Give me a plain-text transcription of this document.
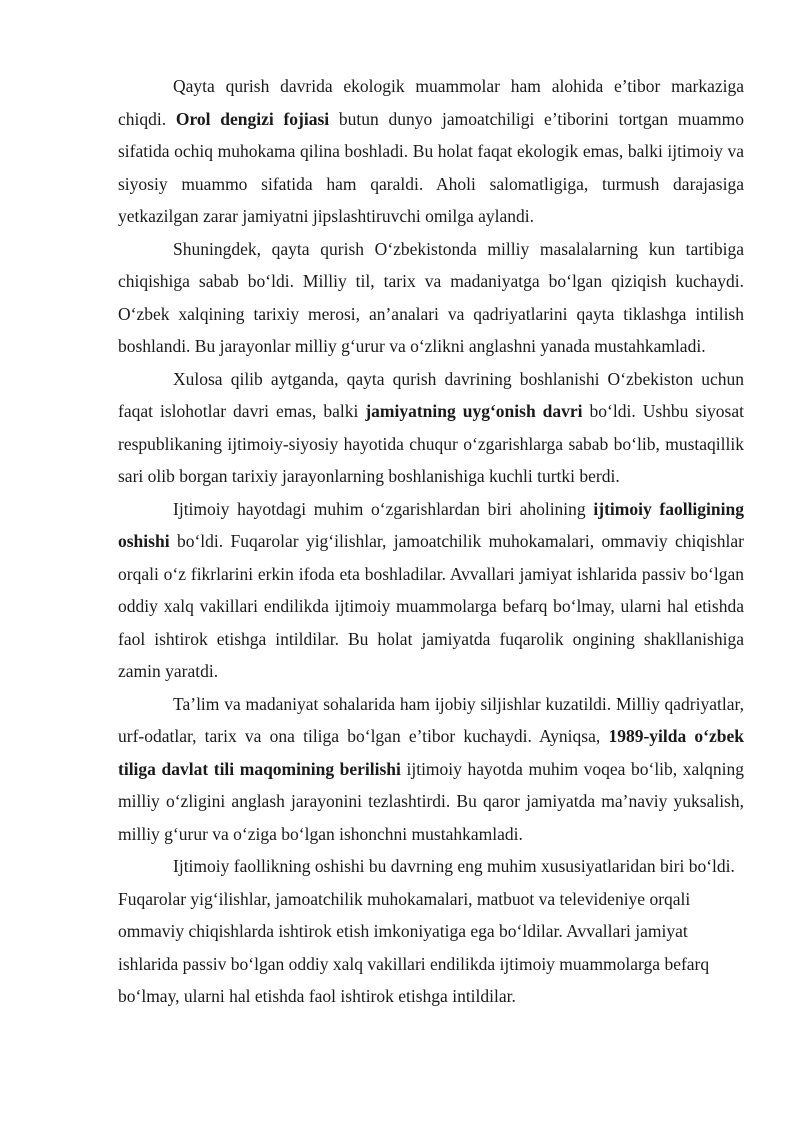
Qayta qurish davrida ekologik muammolar ham alohida e’tibor markaziga chiqdi. Orol dengizi fojiasi butun dunyo jamoatchiligi e’tiborini tortgan muammo sifatida ochiq muhokama qilina boshladi. Bu holat faqat ekologik emas, balki ijtimoiy va siyosiy muammo sifatida ham qaraldi. Aholi salomatligiga, turmush darajasiga yetkazilgan zarar jamiyatni jipslashtiruvchi omilga aylandi.

Shuningdek, qayta qurish O‘zbekistonda milliy masalalarning kun tartibiga chiqishiga sabab bo‘ldi. Milliy til, tarix va madaniyatga bo‘lgan qiziqish kuchaydi. O‘zbek xalqining tarixiy merosi, an’analari va qadriyatlarini qayta tiklashga intilish boshlandi. Bu jarayonlar milliy g‘urur va o‘zlikni anglashni yanada mustahkamladi.

Xulosa qilib aytganda, qayta qurish davrining boshlanishi O‘zbekiston uchun faqat islohotlar davri emas, balki jamiyatning uyg‘onish davri bo‘ldi. Ushbu siyosat respublikaning ijtimoiy-siyosiy hayotida chuqur o‘zgarishlarga sabab bo‘lib, mustaqillik sari olib borgan tarixiy jarayonlarning boshlanishiga kuchli turtki berdi.

Ijtimoiy hayotdagi muhim o‘zgarishlardan biri aholining ijtimoiy faolligining oshishi bo‘ldi. Fuqarolar yig‘ilishlar, jamoatchilik muhokamalari, ommaviy chiqishlar orqali o‘z fikrlarini erkin ifoda eta boshladilar. Avvallari jamiyat ishlarida passiv bo‘lgan oddiy xalq vakillari endilikda ijtimoiy muammolarga befarq bo‘lmay, ularni hal etishda faol ishtirok etishga intildilar. Bu holat jamiyatda fuqarolik ongining shakllanishiga zamin yaratdi.

Ta’lim va madaniyat sohalarida ham ijobiy siljishlar kuzatildi. Milliy qadriyatlar, urf-odatlar, tarix va ona tiliga bo‘lgan e’tibor kuchaydi. Ayniqsa, 1989-yilda o‘zbek tiliga davlat tili maqomining berilishi ijtimoiy hayotda muhim voqea bo‘lib, xalqning milliy o‘zligini anglash jarayonini tezlashtirdi. Bu qaror jamiyatda ma’naviy yuksalish, milliy g‘urur va o‘ziga bo‘lgan ishonchni mustahkamladi.

Ijtimoiy faollikning oshishi bu davrning eng muhim xususiyatlaridan biri bo‘ldi. Fuqarolar yig‘ilishlar, jamoatchilik muhokamalari, matbuot va televideniye orqali ommaviy chiqishlarda ishtirok etish imkoniyatiga ega bo‘ldilar. Avvallari jamiyat ishlarida passiv bo‘lgan oddiy xalq vakillari endilikda ijtimoiy muammolarga befarq bo‘lmay, ularni hal etishda faol ishtirok etishga intildilar.
